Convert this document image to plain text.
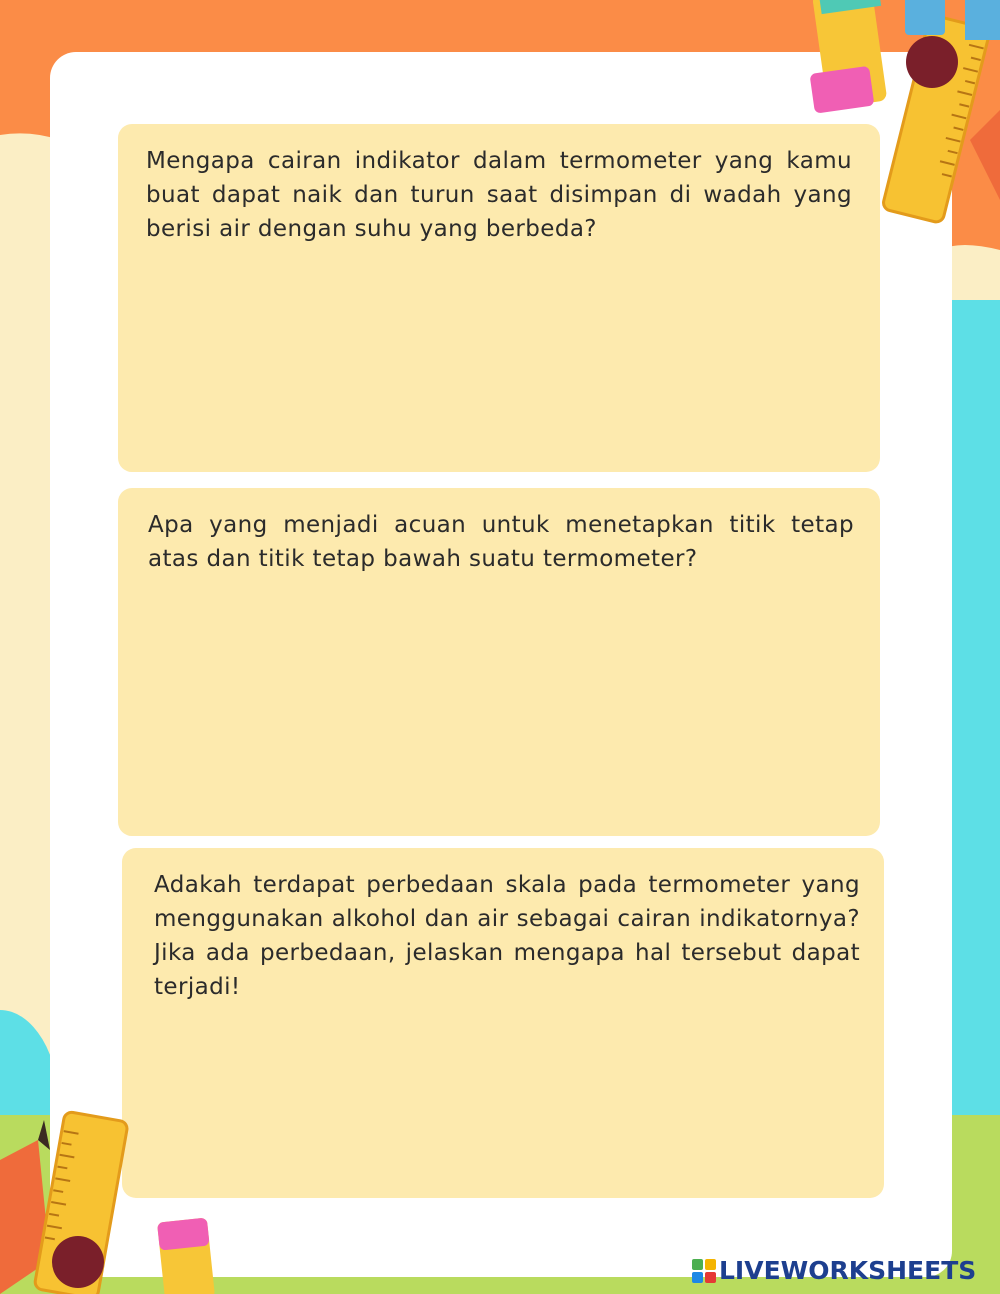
Mengapa cairan indikator dalam termometer yang kamu buat dapat naik dan turun saat disimpan di wadah yang berisi air dengan suhu yang berbeda?

Apa yang menjadi acuan untuk menetapkan titik tetap atas dan titik tetap bawah suatu termometer?

Adakah terdapat perbedaan skala pada termometer yang menggunakan alkohol dan air sebagai cairan indikatornya? Jika ada perbedaan, jelaskan mengapa hal tersebut dapat terjadi!

LIVEWORKSHEETS
